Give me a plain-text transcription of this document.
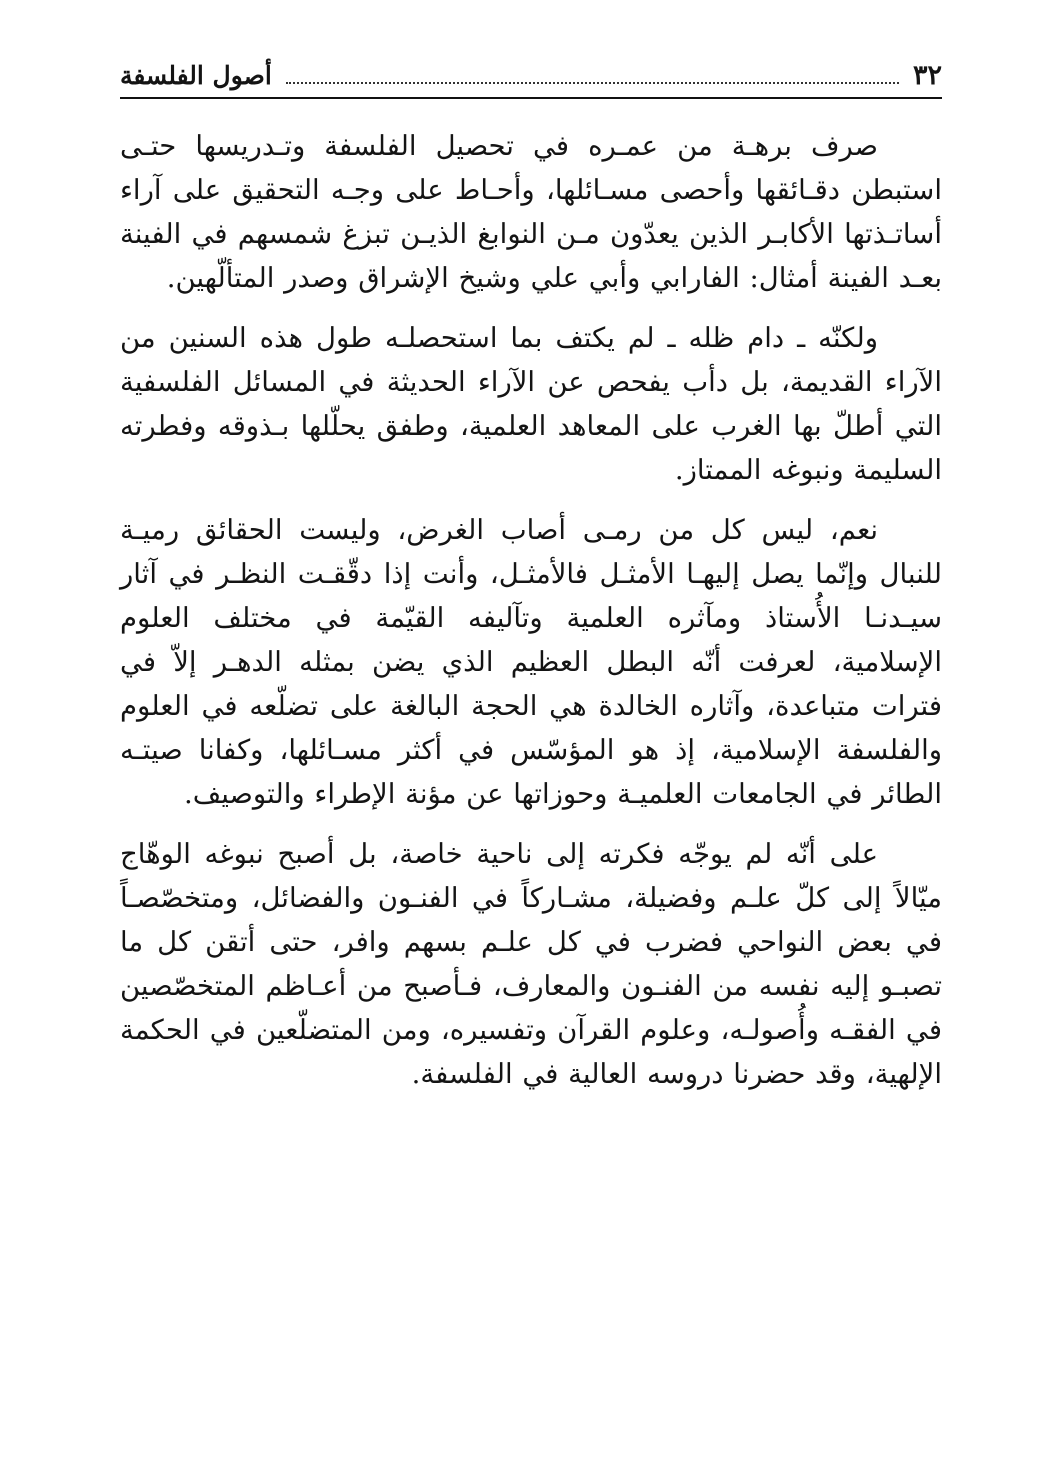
٣٢
أصول الفلسفة

صرف برهـة من عمـره في تحصيل الفلسفة وتـدريسها حتـى استبطن دقـائقها وأحصى مسـائلها، وأحـاط على وجـه التحقيق على آراء أساتـذتها الأكابـر الذين يعدّون مـن النوابغ الذيـن تبزغ شمسهم في الفينة بعـد الفينة أمثال: الفارابي وأبي علي وشيخ الإشراق وصدر المتألّهين.

ولكنّه ـ دام ظله ـ لم يكتف بما استحصلـه طول هذه السنين من الآراء القديمة، بل دأب يفحص عن الآراء الحديثة في المسائل الفلسفية التي أطلّ بها الغرب على المعاهد العلمية، وطفق يحلّلها بـذوقه وفطرته السليمة ونبوغه الممتاز.

نعم، ليس كل من رمـى أصاب الغرض، وليست الحقائق رميـة للنبال وإنّما يصل إليهـا الأمثـل فالأمثـل، وأنت إذا دقّقـت النظـر في آثار سيـدنـا الأُستاذ ومآثره العلمية وتآليفه القيّمة في مختلف العلوم الإسلامية، لعرفت أنّه البطل العظيم الذي يضن بمثله الدهـر إلاّ في فترات متباعدة، وآثاره الخالدة هي الحجة البالغة على تضلّعه في العلوم والفلسفة الإسلامية، إذ هو المؤسّس في أكثر مسـائلها، وكفانا صيتـه الطائر في الجامعات العلميـة وحوزاتها عن مؤنة الإطراء والتوصيف.

على أنّه لم يوجّه فكرته إلى ناحية خاصة، بل أصبح نبوغه الوهّاج ميّالاً إلى كلّ علـم وفضيلة، مشـاركاً في الفنـون والفضائل، ومتخصّصـاً في بعض النواحي فضرب في كل علـم بسهم وافر، حتى أتقن كل ما تصبـو إليه نفسه من الفنـون والمعارف، فـأصبح من أعـاظم المتخصّصين في الفقـه وأُصولـه، وعلوم القرآن وتفسيره، ومن المتضلّعين في الحكمة الإلهية، وقد حضرنا دروسه العالية في الفلسفة.
